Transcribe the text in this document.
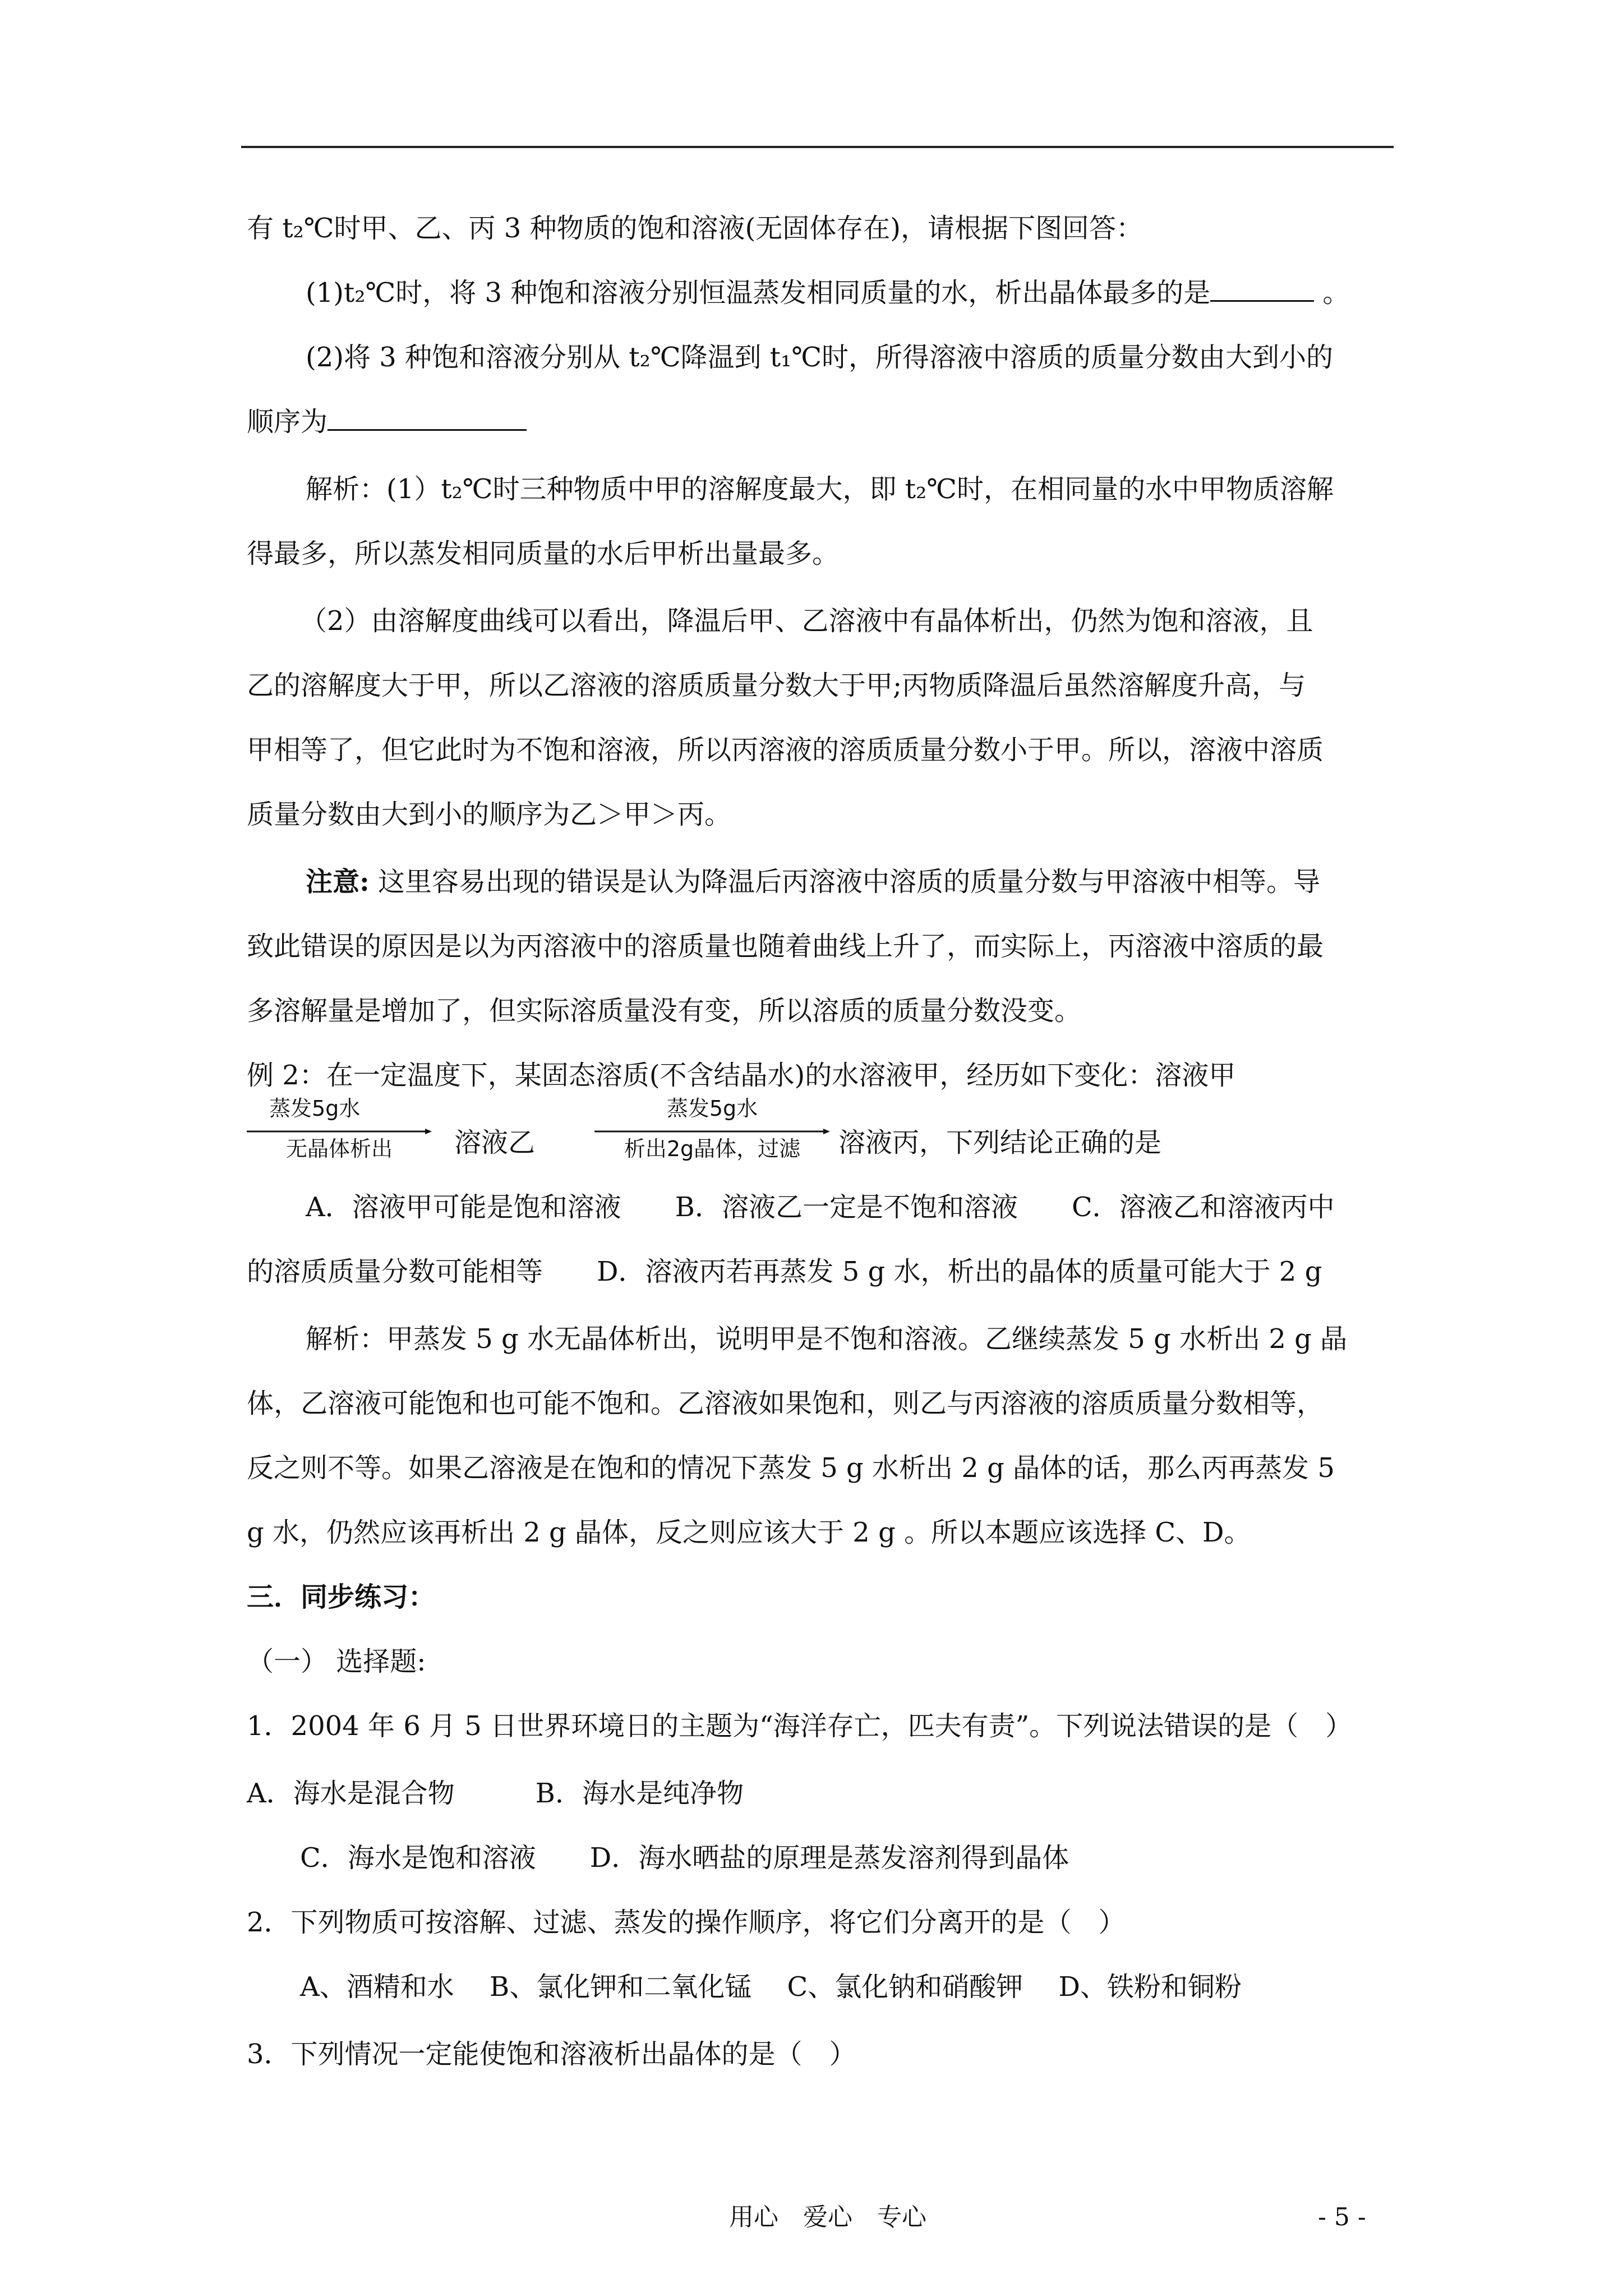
有 t₂℃时甲、乙、丙 3 种物质的饱和溶液(无固体存在)，请根据下图回答：
(1)t₂℃时，将 3 种饱和溶液分别恒温蒸发相同质量的水，析出晶体最多的是	。
(2)将 3 种饱和溶液分别从 t₂℃降温到 t₁℃时，所得溶液中溶质的质量分数由大到小的
顺序为
解析：(1）t₂℃时三种物质中甲的溶解度最大，即 t₂℃时，在相同量的水中甲物质溶解
得最多，所以蒸发相同质量的水后甲析出量最多。
（2）由溶解度曲线可以看出，降温后甲、乙溶液中有晶体析出，仍然为饱和溶液，且
乙的溶解度大于甲，所以乙溶液的溶质质量分数大于甲;丙物质降温后虽然溶解度升高，与
甲相等了，但它此时为不饱和溶液，所以丙溶液的溶质质量分数小于甲。所以，溶液中溶质
质量分数由大到小的顺序为乙＞甲＞丙。
注意: 这里容易出现的错误是认为降温后丙溶液中溶质的质量分数与甲溶液中相等。导
致此错误的原因是以为丙溶液中的溶质量也随着曲线上升了，而实际上，丙溶液中溶质的最
多溶解量是增加了，但实际溶质量没有变，所以溶质的质量分数没变。
例 2：在一定温度下，某固态溶质(不含结晶水)的水溶液甲，经历如下变化：溶液甲
蒸发5g水
无晶体析出	溶液乙
蒸发5g水
析出2g晶体，过滤	溶液丙，下列结论正确的是
A．溶液甲可能是饱和溶液　　B．溶液乙一定是不饱和溶液　　C．溶液乙和溶液丙中
的溶质质量分数可能相等　　D．溶液丙若再蒸发 5 g 水，析出的晶体的质量可能大于 2 g
解析：甲蒸发 5 g 水无晶体析出，说明甲是不饱和溶液。乙继续蒸发 5 g 水析出 2 g 晶
体，乙溶液可能饱和也可能不饱和。乙溶液如果饱和，则乙与丙溶液的溶质质量分数相等，
反之则不等。如果乙溶液是在饱和的情况下蒸发 5 g 水析出 2 g 晶体的话，那么丙再蒸发 5
g 水，仍然应该再析出 2 g 晶体，反之则应该大于 2 g 。所以本题应该选择 C、D。
三．同步练习：
（一） 选择题:
1．2004 年 6 月 5 日世界环境日的主题为“海洋存亡，匹夫有责”。下列说法错误的是（　）
A．海水是混合物　　　B．海水是纯净物
C．海水是饱和溶液　　D．海水晒盐的原理是蒸发溶剂得到晶体
2．下列物质可按溶解、过滤、蒸发的操作顺序，将它们分离开的是（　）
A、酒精和水　 B、氯化钾和二氧化锰　 C、氯化钠和硝酸钾　 D、铁粉和铜粉
3．下列情况一定能使饱和溶液析出晶体的是（　）
用心　爱心　专心	- 5 -
